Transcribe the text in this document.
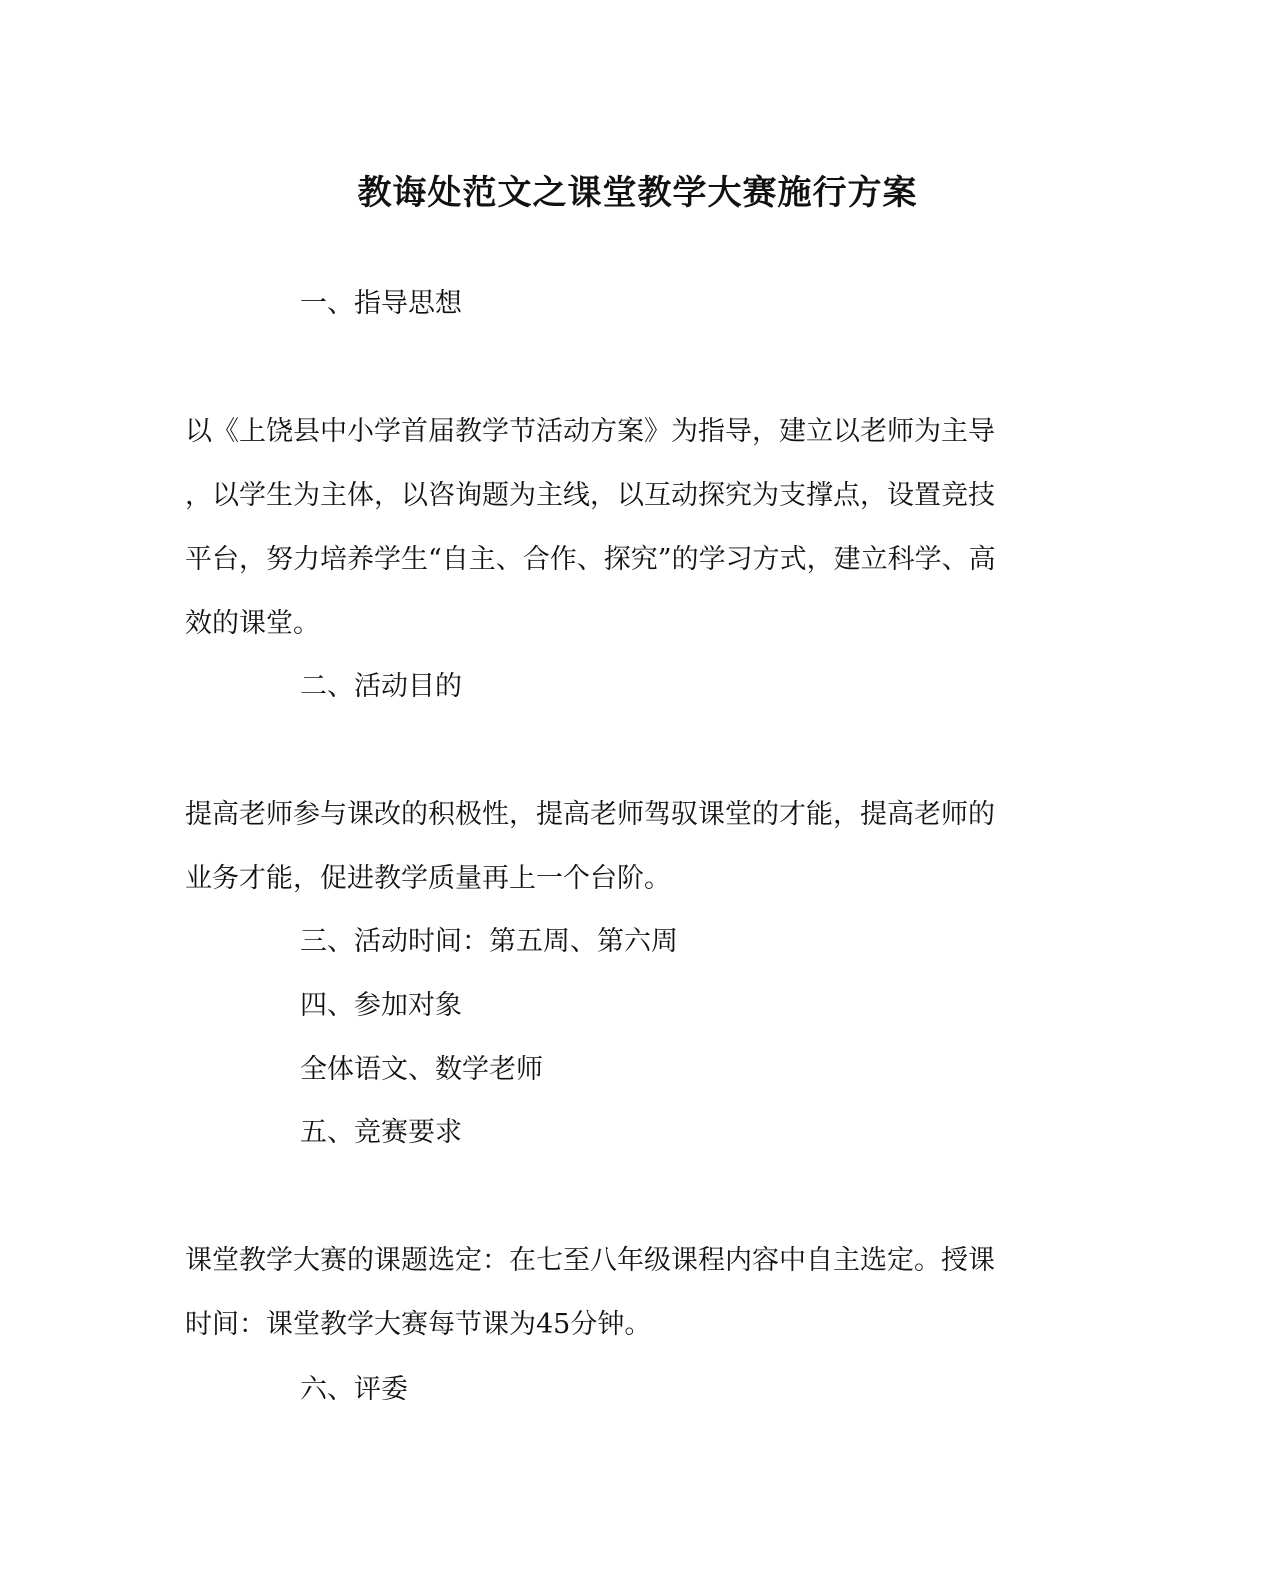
教诲处范文之课堂教学大赛施行方案
一、指导思想
以《上饶县中小学首届教学节活动方案》为指导，建立以老师为主导
，以学生为主体，以咨询题为主线，以互动探究为支撑点，设置竞技
平台，努力培养学生“自主、合作、探究”的学习方式，建立科学、高
效的课堂。
二、活动目的
提高老师参与课改的积极性，提高老师驾驭课堂的才能，提高老师的
业务才能，促进教学质量再上一个台阶。
三、活动时间：第五周、第六周
四、参加对象
全体语文、数学老师
五、竞赛要求
课堂教学大赛的课题选定：在七至八年级课程内容中自主选定。授课
时间：课堂教学大赛每节课为45分钟。
六、评委
